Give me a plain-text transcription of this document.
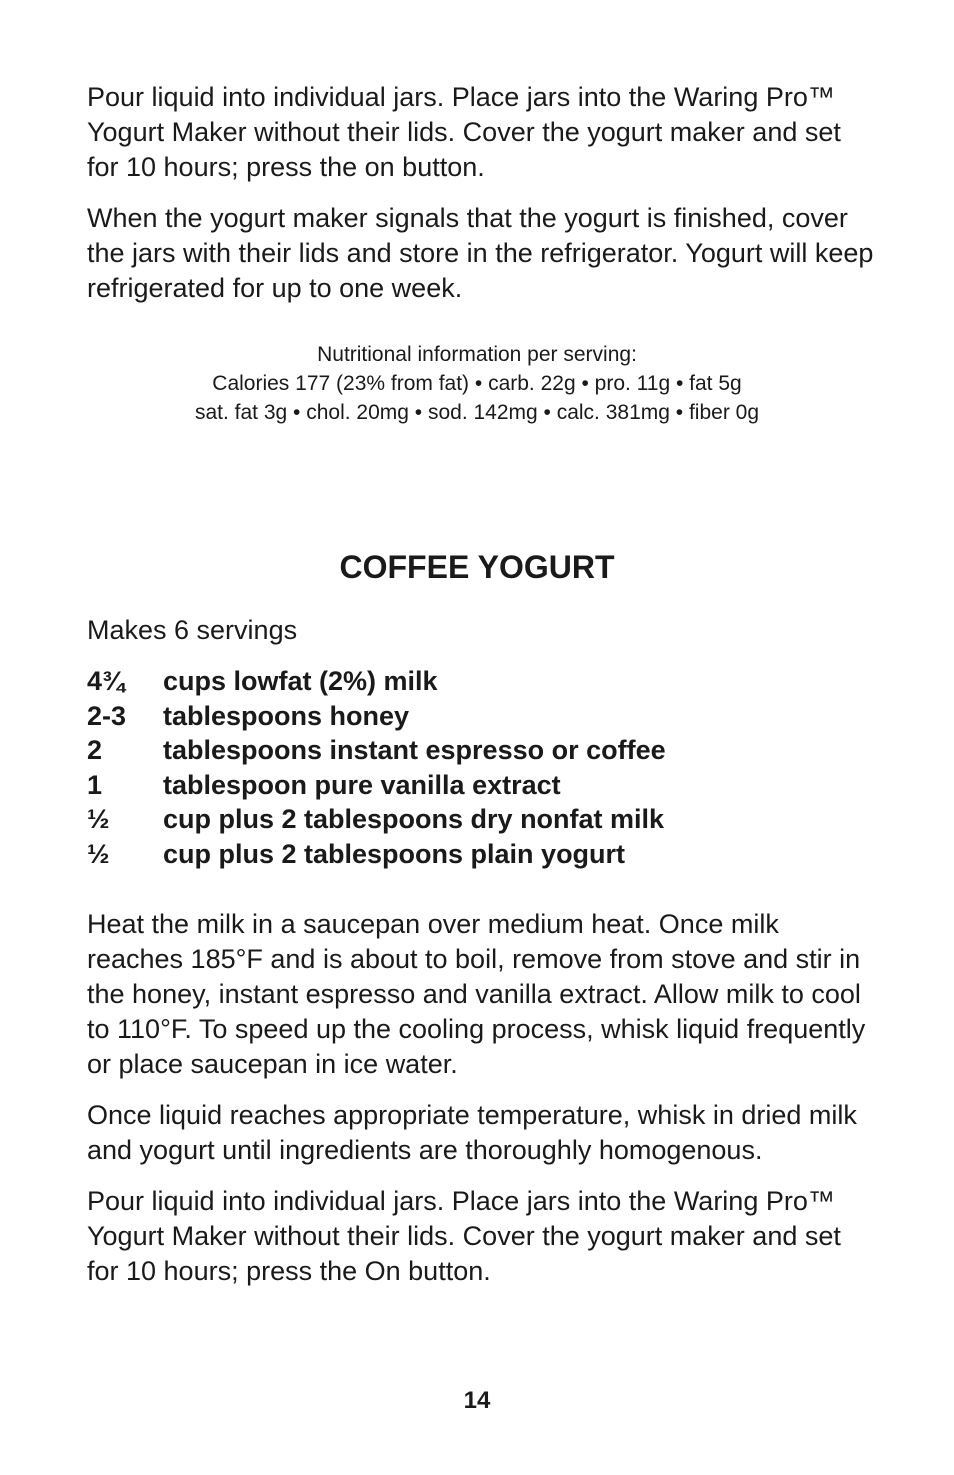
Pour liquid into individual jars. Place jars into the Waring Pro™ Yogurt Maker without their lids. Cover the yogurt maker and set for 10 hours; press the on button.

When the yogurt maker signals that the yogurt is finished, cover the jars with their lids and store in the refrigerator. Yogurt will keep refrigerated for up to one week.

Nutritional information per serving:
Calories 177 (23% from fat) • carb. 22g • pro. 11g • fat 5g
sat. fat 3g • chol. 20mg • sod. 142mg • calc. 381mg • fiber 0g
COFFEE YOGURT
Makes 6 servings
4¾	cups lowfat (2%) milk
2-3	tablespoons honey
2	tablespoons instant espresso or coffee
1	tablespoon pure vanilla extract
½	cup plus 2 tablespoons dry nonfat milk
½	cup plus 2 tablespoons plain yogurt

Heat the milk in a saucepan over medium heat. Once milk reaches 185°F and is about to boil, remove from stove and stir in the honey, instant espresso and vanilla extract. Allow milk to cool to 110°F. To speed up the cooling process, whisk liquid frequently or place saucepan in ice water.

Once liquid reaches appropriate temperature, whisk in dried milk and yogurt until ingredients are thoroughly homogenous.

Pour liquid into individual jars. Place jars into the Waring Pro™ Yogurt Maker without their lids. Cover the yogurt maker and set for 10 hours; press the On button.

14
